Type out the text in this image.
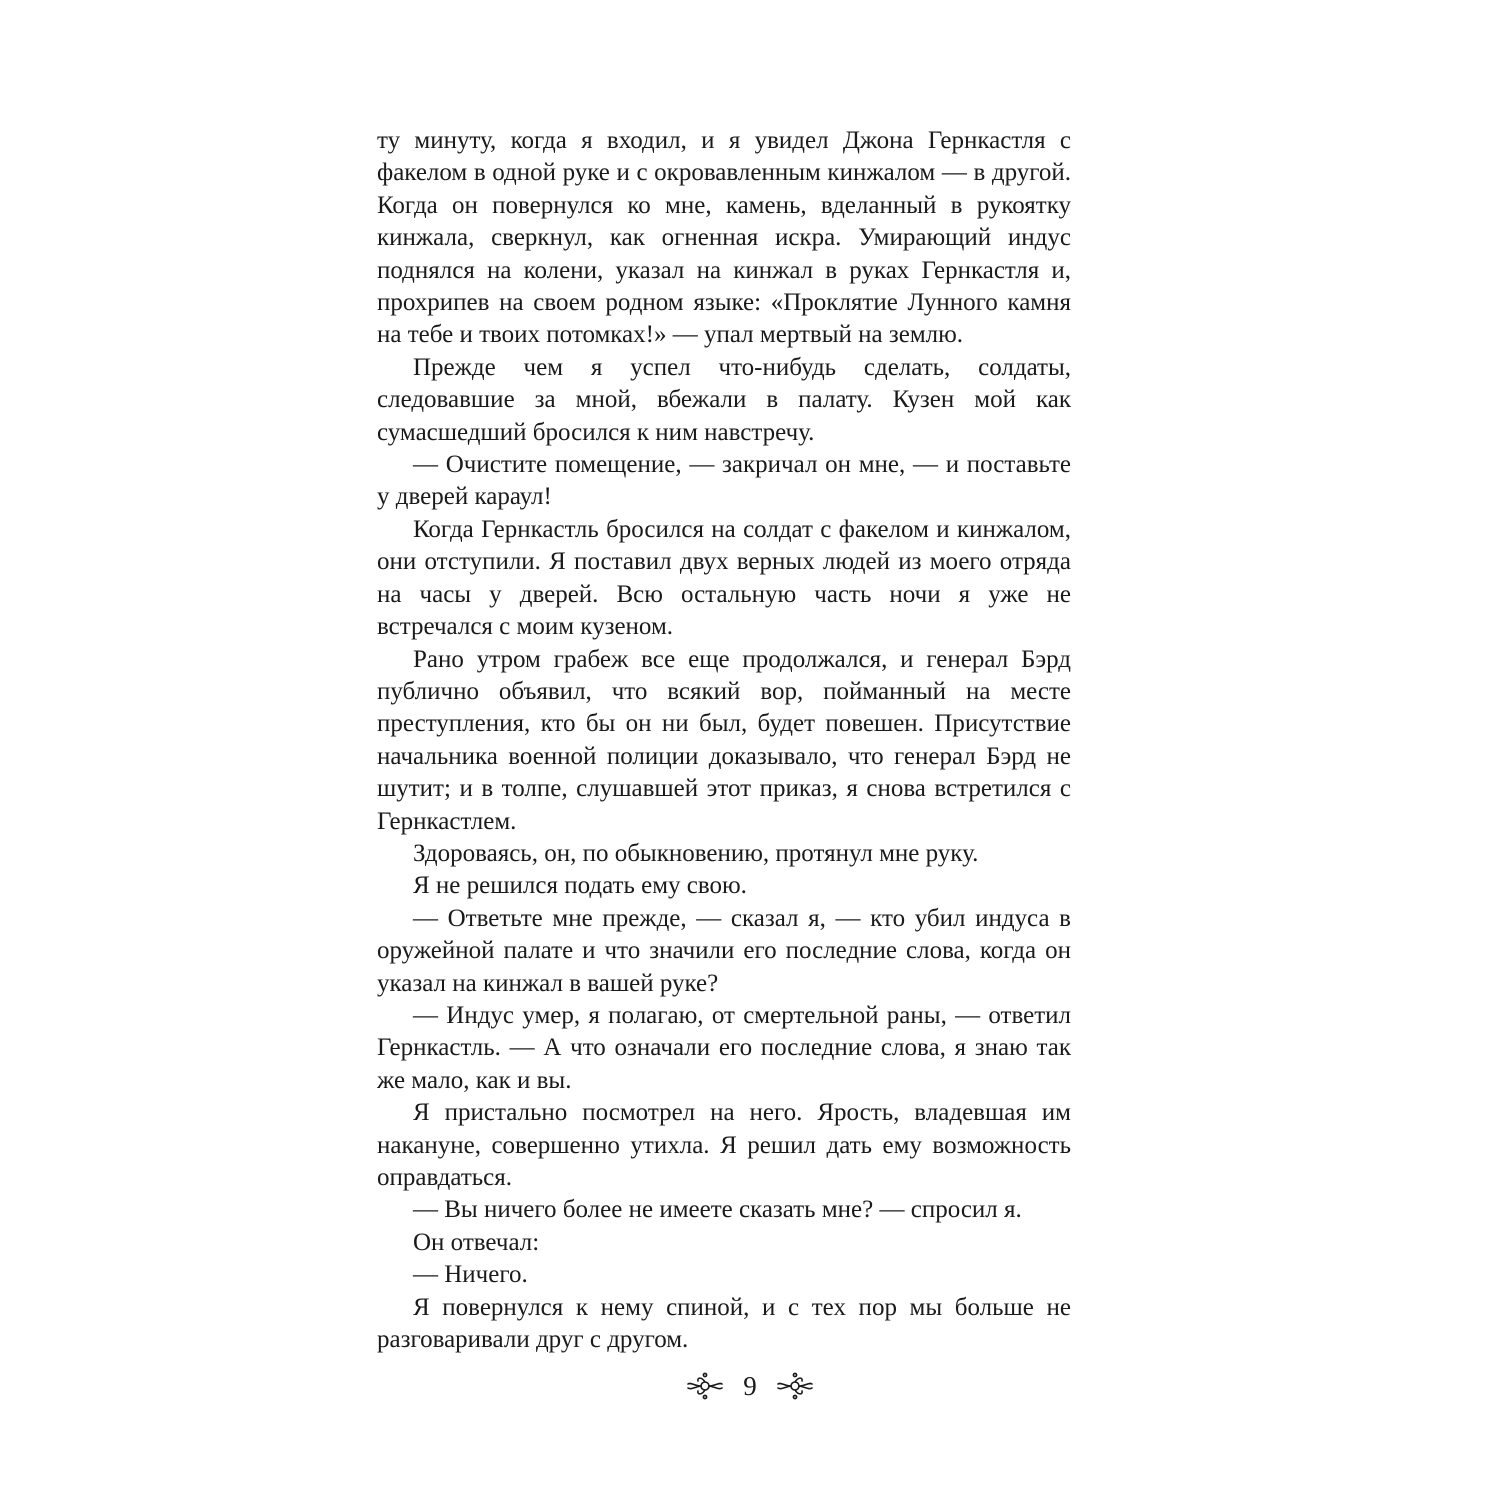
ту минуту, когда я входил, и я увидел Джона Гернкастля с факелом в одной руке и с окровавленным кинжалом — в другой. Когда он повернулся ко мне, камень, вделанный в рукоятку кинжала, сверкнул, как огненная искра. Умирающий индус поднялся на колени, указал на кинжал в руках Гернкастля и, прохрипев на своем родном языке: «Проклятие Лунного камня на тебе и твоих потомках!» — упал мертвый на землю.

Прежде чем я успел что-нибудь сделать, солдаты, следовавшие за мной, вбежали в палату. Кузен мой как сумасшедший бросился к ним навстречу.

— Очистите помещение, — закричал он мне, — и поставьте у дверей караул!

Когда Гернкастль бросился на солдат с факелом и кинжалом, они отступили. Я поставил двух верных людей из моего отряда на часы у дверей. Всю остальную часть ночи я уже не встречался с моим кузеном.

Рано утром грабеж все еще продолжался, и генерал Бэрд публично объявил, что всякий вор, пойманный на месте преступления, кто бы он ни был, будет повешен. Присутствие начальника военной полиции доказывало, что генерал Бэрд не шутит; и в толпе, слушавшей этот приказ, я снова встретился с Гернкастлем.

Здороваясь, он, по обыкновению, протянул мне руку.

Я не решился подать ему свою.

— Ответьте мне прежде, — сказал я, — кто убил индуса в оружейной палате и что значили его последние слова, когда он указал на кинжал в вашей руке?

— Индус умер, я полагаю, от смертельной раны, — ответил Гернкастль. — А что означали его последние слова, я знаю так же мало, как и вы.

Я пристально посмотрел на него. Ярость, владевшая им накануне, совершенно утихла. Я решил дать ему возможность оправдаться.

— Вы ничего более не имеете сказать мне? — спросил я.

Он отвечал:

— Ничего.

Я повернулся к нему спиной, и с тех пор мы больше не разговаривали друг с другом.

9
